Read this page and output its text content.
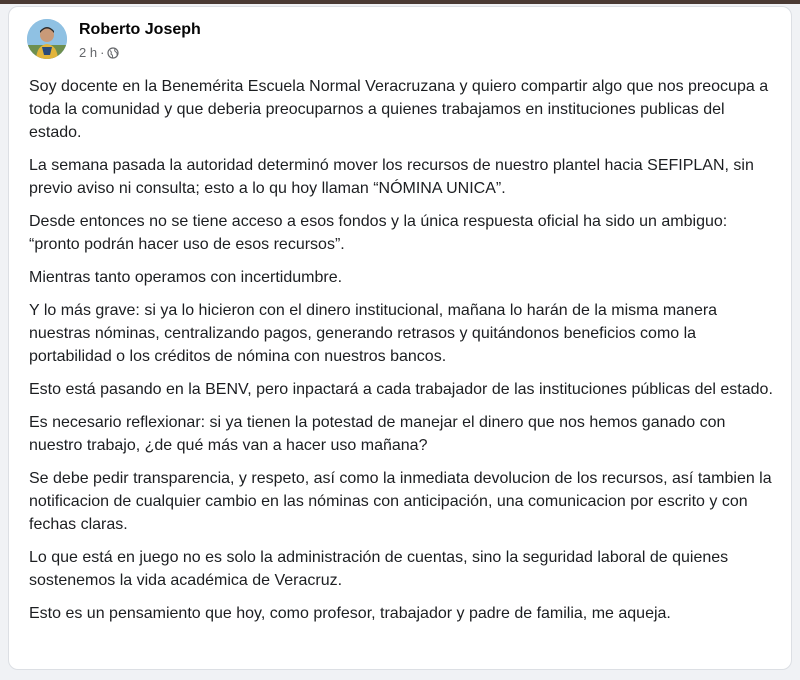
Roberto Joseph
2 h ·

Soy docente en la Benemérita Escuela Normal Veracruzana y quiero compartir algo que nos preocupa a toda la comunidad y que deberia preocuparnos a quienes trabajamos en instituciones publicas del estado.

La semana pasada la autoridad determinó mover los recursos de nuestro plantel hacia SEFIPLAN, sin previo aviso ni consulta; esto a lo qu hoy llaman “NÓMINA UNICA”.

Desde entonces no se tiene acceso a esos fondos y la única respuesta oficial ha sido un ambiguo: “pronto podrán hacer uso de esos recursos”.

Mientras tanto operamos con incertidumbre.

Y lo más grave: si ya lo hicieron con el dinero institucional, mañana lo harán de la misma manera nuestras nóminas, centralizando pagos, generando retrasos y quitándonos beneficios como la portabilidad o los créditos de nómina con nuestros bancos.

Esto está pasando en la BENV, pero inpactará a cada trabajador de las instituciones públicas del estado.

Es necesario reflexionar: si ya tienen la potestad de manejar el dinero que nos hemos ganado con nuestro trabajo, ¿de qué más van a hacer uso mañana?

Se debe pedir transparencia, y respeto, así como la inmediata devolucion de los recursos, así tambien la notificacion de cualquier cambio en las nóminas con anticipación, una comunicacion por escrito y con fechas claras.

Lo que está en juego no es solo la administración de cuentas, sino la seguridad laboral de quienes sostenemos la vida académica de Veracruz.

Esto es un pensamiento que hoy, como profesor, trabajador y padre de familia, me aqueja.
